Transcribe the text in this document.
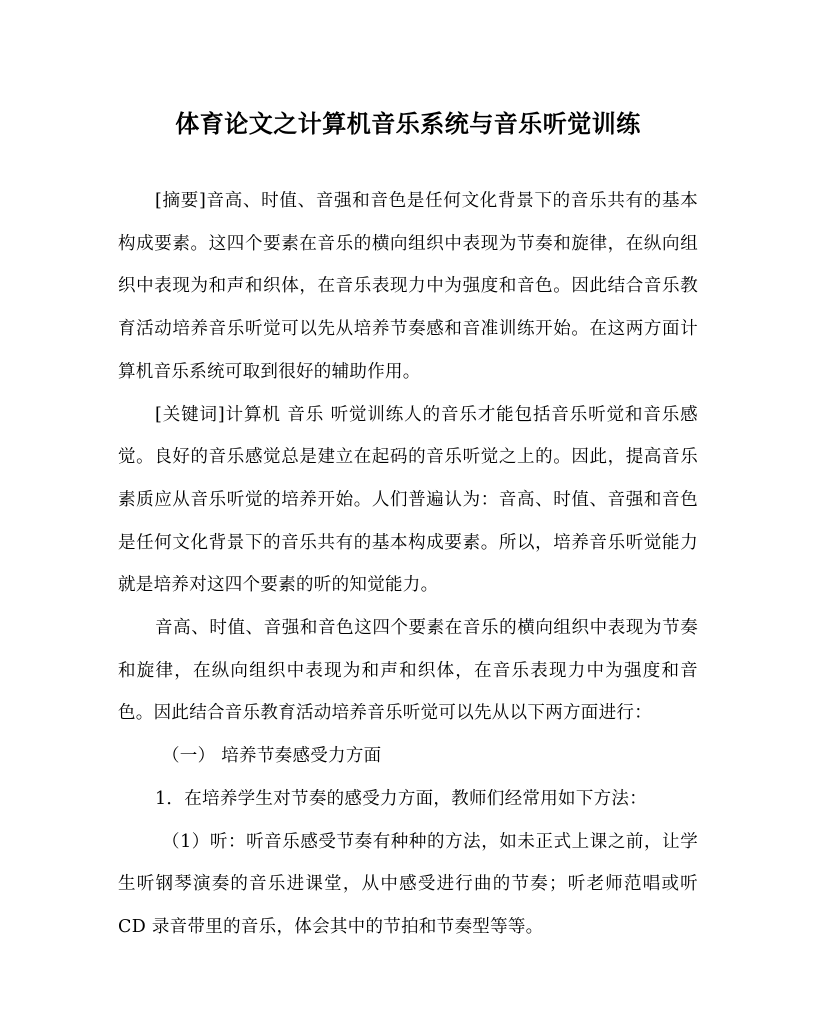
体育论文之计算机音乐系统与音乐听觉训练

[摘要]音高、时值、音强和音色是任何文化背景下的音乐共有的基本构成要素。这四个要素在音乐的横向组织中表现为节奏和旋律，在纵向组织中表现为和声和织体，在音乐表现力中为强度和音色。因此结合音乐教育活动培养音乐听觉可以先从培养节奏感和音准训练开始。在这两方面计算机音乐系统可取到很好的辅助作用。

[关键词]计算机 音乐 听觉训练人的音乐才能包括音乐听觉和音乐感觉。良好的音乐感觉总是建立在起码的音乐听觉之上的。因此，提高音乐素质应从音乐听觉的培养开始。人们普遍认为：音高、时值、音强和音色是任何文化背景下的音乐共有的基本构成要素。所以，培养音乐听觉能力就是培养对这四个要素的听的知觉能力。

音高、时值、音强和音色这四个要素在音乐的横向组织中表现为节奏和旋律，在纵向组织中表现为和声和织体，在音乐表现力中为强度和音色。因此结合音乐教育活动培养音乐听觉可以先从以下两方面进行：

（一） 培养节奏感受力方面

1．在培养学生对节奏的感受力方面，教师们经常用如下方法：

（1）听：听音乐感受节奏有种种的方法，如未正式上课之前，让学生听钢琴演奏的音乐进课堂，从中感受进行曲的节奏；听老师范唱或听 CD 录音带里的音乐，体会其中的节拍和节奏型等等。
